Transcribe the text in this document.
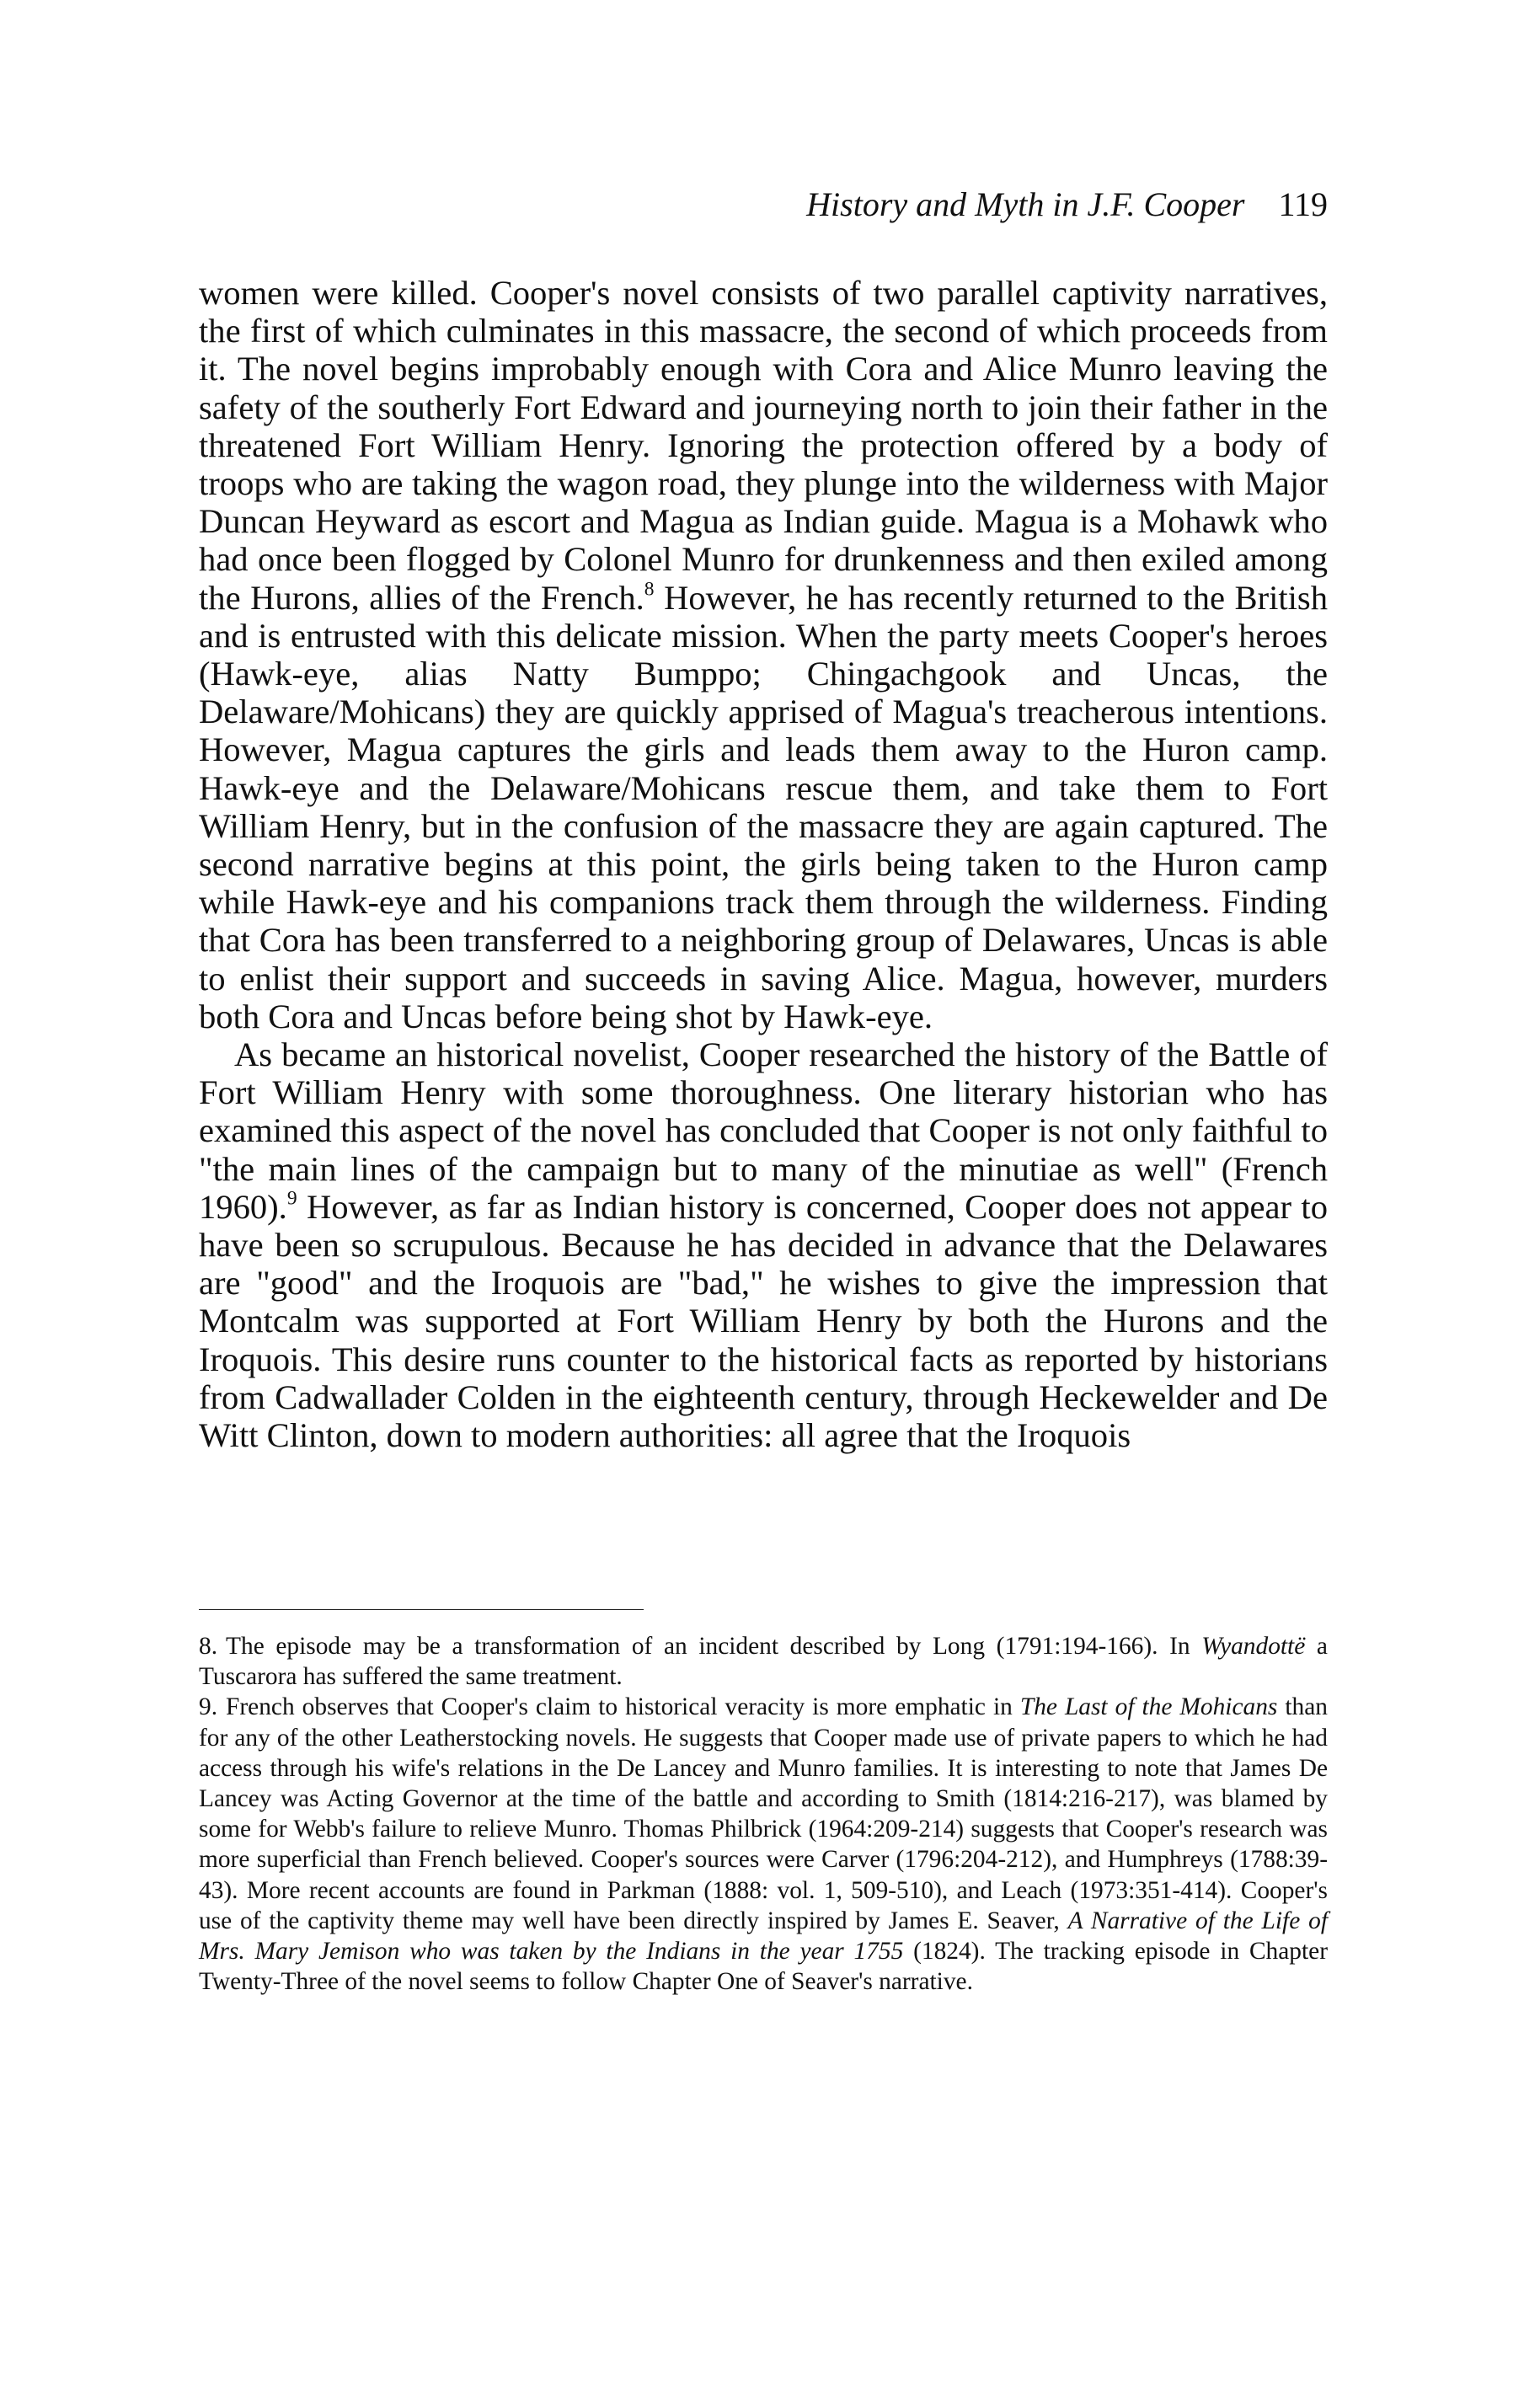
History and Myth in J.F. Cooper 119

women were killed. Cooper's novel consists of two parallel captivity narratives, the first of which culminates in this massacre, the second of which proceeds from it. The novel begins improbably enough with Cora and Alice Munro leaving the safety of the southerly Fort Edward and journeying north to join their father in the threatened Fort William Henry. Ignoring the protection offered by a body of troops who are taking the wagon road, they plunge into the wilderness with Major Duncan Heyward as escort and Magua as Indian guide. Magua is a Mohawk who had once been flogged by Colonel Munro for drunkenness and then exiled among the Hurons, allies of the French.$^8$ However, he has recently returned to the British and is entrusted with this delicate mission. When the party meets Cooper's heroes (Hawk-eye, alias Natty Bumppo; Chingachgook and Uncas, the Delaware/Mohicans) they are quickly apprised of Magua's treacherous intentions. However, Magua captures the girls and leads them away to the Huron camp. Hawk-eye and the Delaware/Mohicans rescue them, and take them to Fort William Henry, but in the confusion of the massacre they are again captured. The second narrative begins at this point, the girls being taken to the Huron camp while Hawk-eye and his companions track them through the wilderness. Finding that Cora has been transferred to a neighboring group of Delawares, Uncas is able to enlist their support and succeeds in saving Alice. Magua, however, murders both Cora and Uncas before being shot by Hawk-eye.

As became an historical novelist, Cooper researched the history of the Battle of Fort William Henry with some thoroughness. One literary historian who has examined this aspect of the novel has concluded that Cooper is not only faithful to "the main lines of the campaign but to many of the minutiae as well" (French 1960).$^9$ However, as far as Indian history is concerned, Cooper does not appear to have been so scrupulous. Because he has decided in advance that the Delawares are "good" and the Iroquois are "bad," he wishes to give the impression that Montcalm was supported at Fort William Henry by both the Hurons and the Iroquois. This desire runs counter to the historical facts as reported by historians from Cadwallader Colden in the eighteenth century, through Heckewelder and De Witt Clinton, down to modern authorities: all agree that the Iroquois

8. The episode may be a transformation of an incident described by Long (1791:194-166). In Wyandottë a Tuscarora has suffered the same treatment.

9. French observes that Cooper's claim to historical veracity is more emphatic in The Last of the Mohicans than for any of the other Leatherstocking novels. He suggests that Cooper made use of private papers to which he had access through his wife's relations in the De Lancey and Munro families. It is interesting to note that James De Lancey was Acting Governor at the time of the battle and according to Smith (1814:216-217), was blamed by some for Webb's failure to relieve Munro. Thomas Philbrick (1964:209-214) suggests that Cooper's research was more superficial than French believed. Cooper's sources were Carver (1796:204-212), and Humphreys (1788:39-43). More recent accounts are found in Parkman (1888: vol. 1, 509-510), and Leach (1973:351-414). Cooper's use of the captivity theme may well have been directly inspired by James E. Seaver, A Narrative of the Life of Mrs. Mary Jemison who was taken by the Indians in the year 1755 (1824). The tracking episode in Chapter Twenty-Three of the novel seems to follow Chapter One of Seaver's narrative.
